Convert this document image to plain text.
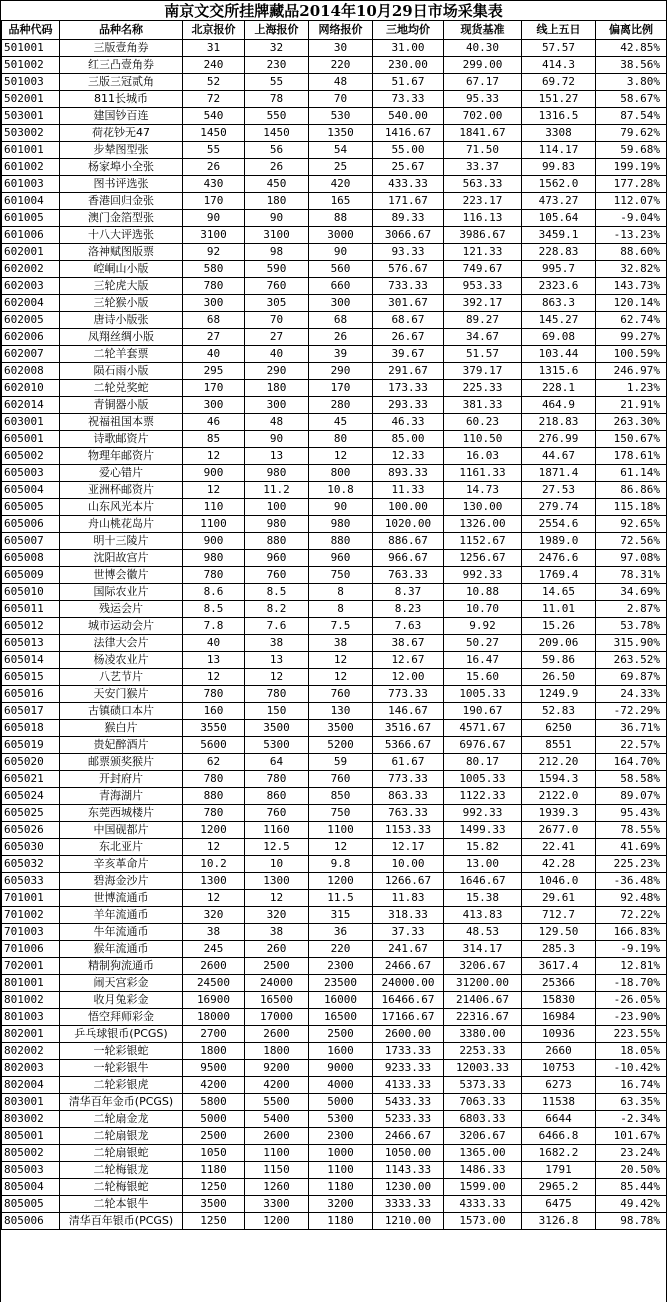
南京文交所挂牌藏品2014年10月29日市场采集表
品种代码	品种名称	北京报价	上海报价	网络报价	三地均价	现货基准	线上五日	偏离比例
501001	三版壹角券	31	32	30	31.00	40.30	57.57	42.85%
501002	红三凸壹角券	240	230	220	230.00	299.00	414.3	38.56%
501003	三版三冠贰角	52	55	48	51.67	67.17	69.72	3.80%
502001	811长城币	72	78	70	73.33	95.33	151.27	58.67%
503001	建国钞百连	540	550	530	540.00	702.00	1316.5	87.54%
503002	荷花钞无47	1450	1450	1350	1416.67	1841.67	3308	79.62%
601001	步辇图型张	55	56	54	55.00	71.50	114.17	59.68%
601002	杨家埠小全张	26	26	25	25.67	33.37	99.83	199.19%
601003	图书评选张	430	450	420	433.33	563.33	1562.0	177.28%
601004	香港回归金张	170	180	165	171.67	223.17	473.27	112.07%
601005	澳门金箔型张	90	90	88	89.33	116.13	105.64	-9.04%
601006	十八大评选张	3100	3100	3000	3066.67	3986.67	3459.1	-13.23%
602001	洛神赋图版票	92	98	90	93.33	121.33	228.83	88.60%
602002	崆峒山小版	580	590	560	576.67	749.67	995.7	32.82%
602003	三轮虎大版	780	760	660	733.33	953.33	2323.6	143.73%
602004	三轮猴小版	300	305	300	301.67	392.17	863.3	120.14%
602005	唐诗小版张	68	70	68	68.67	89.27	145.27	62.74%
602006	凤翔丝绸小版	27	27	26	26.67	34.67	69.08	99.27%
602007	二轮羊套票	40	40	39	39.67	51.57	103.44	100.59%
602008	陨石雨小版	295	290	290	291.67	379.17	1315.6	246.97%
602010	二轮兑奖蛇	170	180	170	173.33	225.33	228.1	1.23%
602014	青铜器小版	300	300	280	293.33	381.33	464.9	21.91%
603001	祝福祖国本票	46	48	45	46.33	60.23	218.83	263.30%
605001	诗歌邮资片	85	90	80	85.00	110.50	276.99	150.67%
605002	物理年邮资片	12	13	12	12.33	16.03	44.67	178.61%
605003	爱心错片	900	980	800	893.33	1161.33	1871.4	61.14%
605004	亚洲杯邮资片	12	11.2	10.8	11.33	14.73	27.53	86.86%
605005	山东风光本片	110	100	90	100.00	130.00	279.74	115.18%
605006	舟山桃花岛片	1100	980	980	1020.00	1326.00	2554.6	92.65%
605007	明十三陵片	900	880	880	886.67	1152.67	1989.0	72.56%
605008	沈阳故宫片	980	960	960	966.67	1256.67	2476.6	97.08%
605009	世博会徽片	780	760	750	763.33	992.33	1769.4	78.31%
605010	国际农业片	8.6	8.5	8	8.37	10.88	14.65	34.69%
605011	残运会片	8.5	8.2	8	8.23	10.70	11.01	2.87%
605012	城市运动会片	7.8	7.6	7.5	7.63	9.92	15.26	53.78%
605013	法律大会片	40	38	38	38.67	50.27	209.06	315.90%
605014	杨凌农业片	13	13	12	12.67	16.47	59.86	263.52%
605015	八艺节片	12	12	12	12.00	15.60	26.50	69.87%
605016	天安门猴片	780	780	760	773.33	1005.33	1249.9	24.33%
605017	古镇碛口本片	160	150	130	146.67	190.67	52.83	-72.29%
605018	猴白片	3550	3500	3500	3516.67	4571.67	6250	36.71%
605019	贵妃醉酒片	5600	5300	5200	5366.67	6976.67	8551	22.57%
605020	邮票颁奖猴片	62	64	59	61.67	80.17	212.20	164.70%
605021	开封府片	780	780	760	773.33	1005.33	1594.3	58.58%
605024	青海湖片	880	860	850	863.33	1122.33	2122.0	89.07%
605025	东莞西城楼片	780	760	750	763.33	992.33	1939.3	95.43%
605026	中国砚都片	1200	1160	1100	1153.33	1499.33	2677.0	78.55%
605030	东北亚片	12	12.5	12	12.17	15.82	22.41	41.69%
605032	辛亥革命片	10.2	10	9.8	10.00	13.00	42.28	225.23%
605033	碧海金沙片	1300	1300	1200	1266.67	1646.67	1046.0	-36.48%
701001	世博流通币	12	12	11.5	11.83	15.38	29.61	92.48%
701002	羊年流通币	320	320	315	318.33	413.83	712.7	72.22%
701003	牛年流通币	38	38	36	37.33	48.53	129.50	166.83%
701006	猴年流通币	245	260	220	241.67	314.17	285.3	-9.19%
702001	精制狗流通币	2600	2500	2300	2466.67	3206.67	3617.4	12.81%
801001	闹天宫彩金	24500	24000	23500	24000.00	31200.00	25366	-18.70%
801002	收月兔彩金	16900	16500	16000	16466.67	21406.67	15830	-26.05%
801003	悟空拜师彩金	18000	17000	16500	17166.67	22316.67	16984	-23.90%
802001	乒乓球银币(PCGS)	2700	2600	2500	2600.00	3380.00	10936	223.55%
802002	一轮彩银蛇	1800	1800	1600	1733.33	2253.33	2660	18.05%
802003	一轮彩银牛	9500	9200	9000	9233.33	12003.33	10753	-10.42%
802004	二轮彩银虎	4200	4200	4000	4133.33	5373.33	6273	16.74%
803001	清华百年金币(PCGS)	5800	5500	5000	5433.33	7063.33	11538	63.35%
803002	二轮扇金龙	5000	5400	5300	5233.33	6803.33	6644	-2.34%
805001	二轮扇银龙	2500	2600	2300	2466.67	3206.67	6466.8	101.67%
805002	二轮扇银蛇	1050	1100	1000	1050.00	1365.00	1682.2	23.24%
805003	二轮梅银龙	1180	1150	1100	1143.33	1486.33	1791	20.50%
805004	二轮梅银蛇	1250	1260	1180	1230.00	1599.00	2965.2	85.44%
805005	二轮本银牛	3500	3300	3200	3333.33	4333.33	6475	49.42%
805006	清华百年银币(PCGS)	1250	1200	1180	1210.00	1573.00	3126.8	98.78%
